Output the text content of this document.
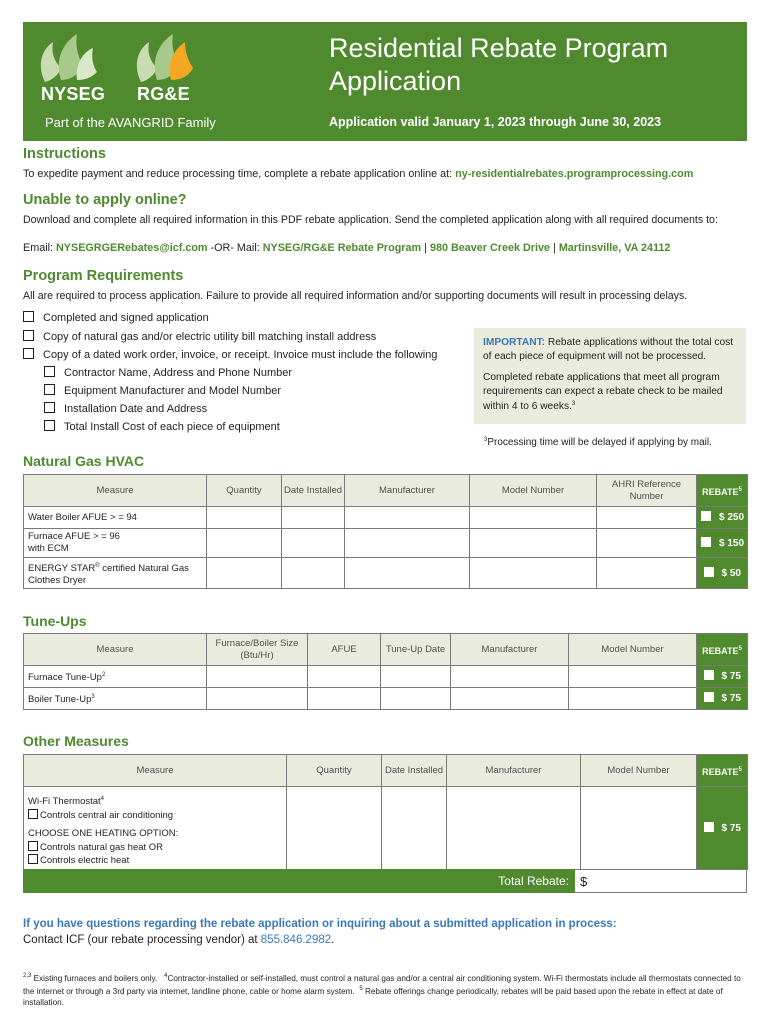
NYSEG RG&E
Part of the AVANGRID Family
Residential Rebate Program
Application
Application valid January 1, 2023 through June 30, 2023
Instructions
To expedite payment and reduce processing time, complete a rebate application online at: ny-residentialrebates.programprocessing.com
Unable to apply online?
Download and complete all required information in this PDF rebate application. Send the completed application along with all required documents to:
Email: NYSEGRGERebates@icf.com -OR- Mail: NYSEG/RG&E Rebate Program | 980 Beaver Creek Drive | Martinsville, VA 24112
Program Requirements
All are required to process application. Failure to provide all required information and/or supporting documents will result in processing delays.
Completed and signed application
Copy of natural gas and/or electric utility bill matching install address
Copy of a dated work order, invoice, or receipt. Invoice must include the following
Contractor Name, Address and Phone Number
Equipment Manufacturer and Model Number
Installation Date and Address
Total Install Cost of each piece of equipment

IMPORTANT: Rebate applications without the total cost of each piece of equipment will not be processed.

Completed rebate applications that meet all program requirements can expect a rebate check to be mailed within 4 to 6 weeks.$^3$

$^3$Processing time will be delayed if applying by mail.
Natural Gas HVAC
Measure	Quantity	Date Installed	Manufacturer	Model Number	AHRI Reference Number	REBATE$^5$
Water Boiler AFUE > = 94						$ 250

Furnace AFUE > = 96
with ECM						$ 150

ENERGY STAR® certified Natural Gas
Clothes Dryer						$ 50
Tune-Ups
Measure	Furnace/Boiler Size (Btu/Hr)	AFUE	Tune-Up Date	Manufacturer	Model Number	REBATE$^5$
Furnace Tune-Up$^2$						$ 75
Boiler Tune-Up$^3$						$ 75
Other Measures
Measure	Quantity	Date Installed	Manufacturer	Model Number	REBATE$^5$

Wi-Fi Thermostat$^4$
Controls central air conditioning
CHOOSE ONE HEATING OPTION:
Controls natural gas heat OR
Controls electric heat					$ 75
Total Rebate: $
If you have questions regarding the rebate application or inquiring about a submitted application in process:
Contact ICF (our rebate processing vendor) at 855.846.2982.
$^{2,3}$ Existing furnaces and boilers only. $^4$Contractor-installed or self-installed, must control a natural gas and/or a central air conditioning system. Wi-Fi thermostats include all thermostats connected to the internet or through a 3rd party via internet, landline phone, cable or home alarm system. $^5$ Rebate offerings change periodically, rebates will be paid based upon the rebate in effect at date of installation.
